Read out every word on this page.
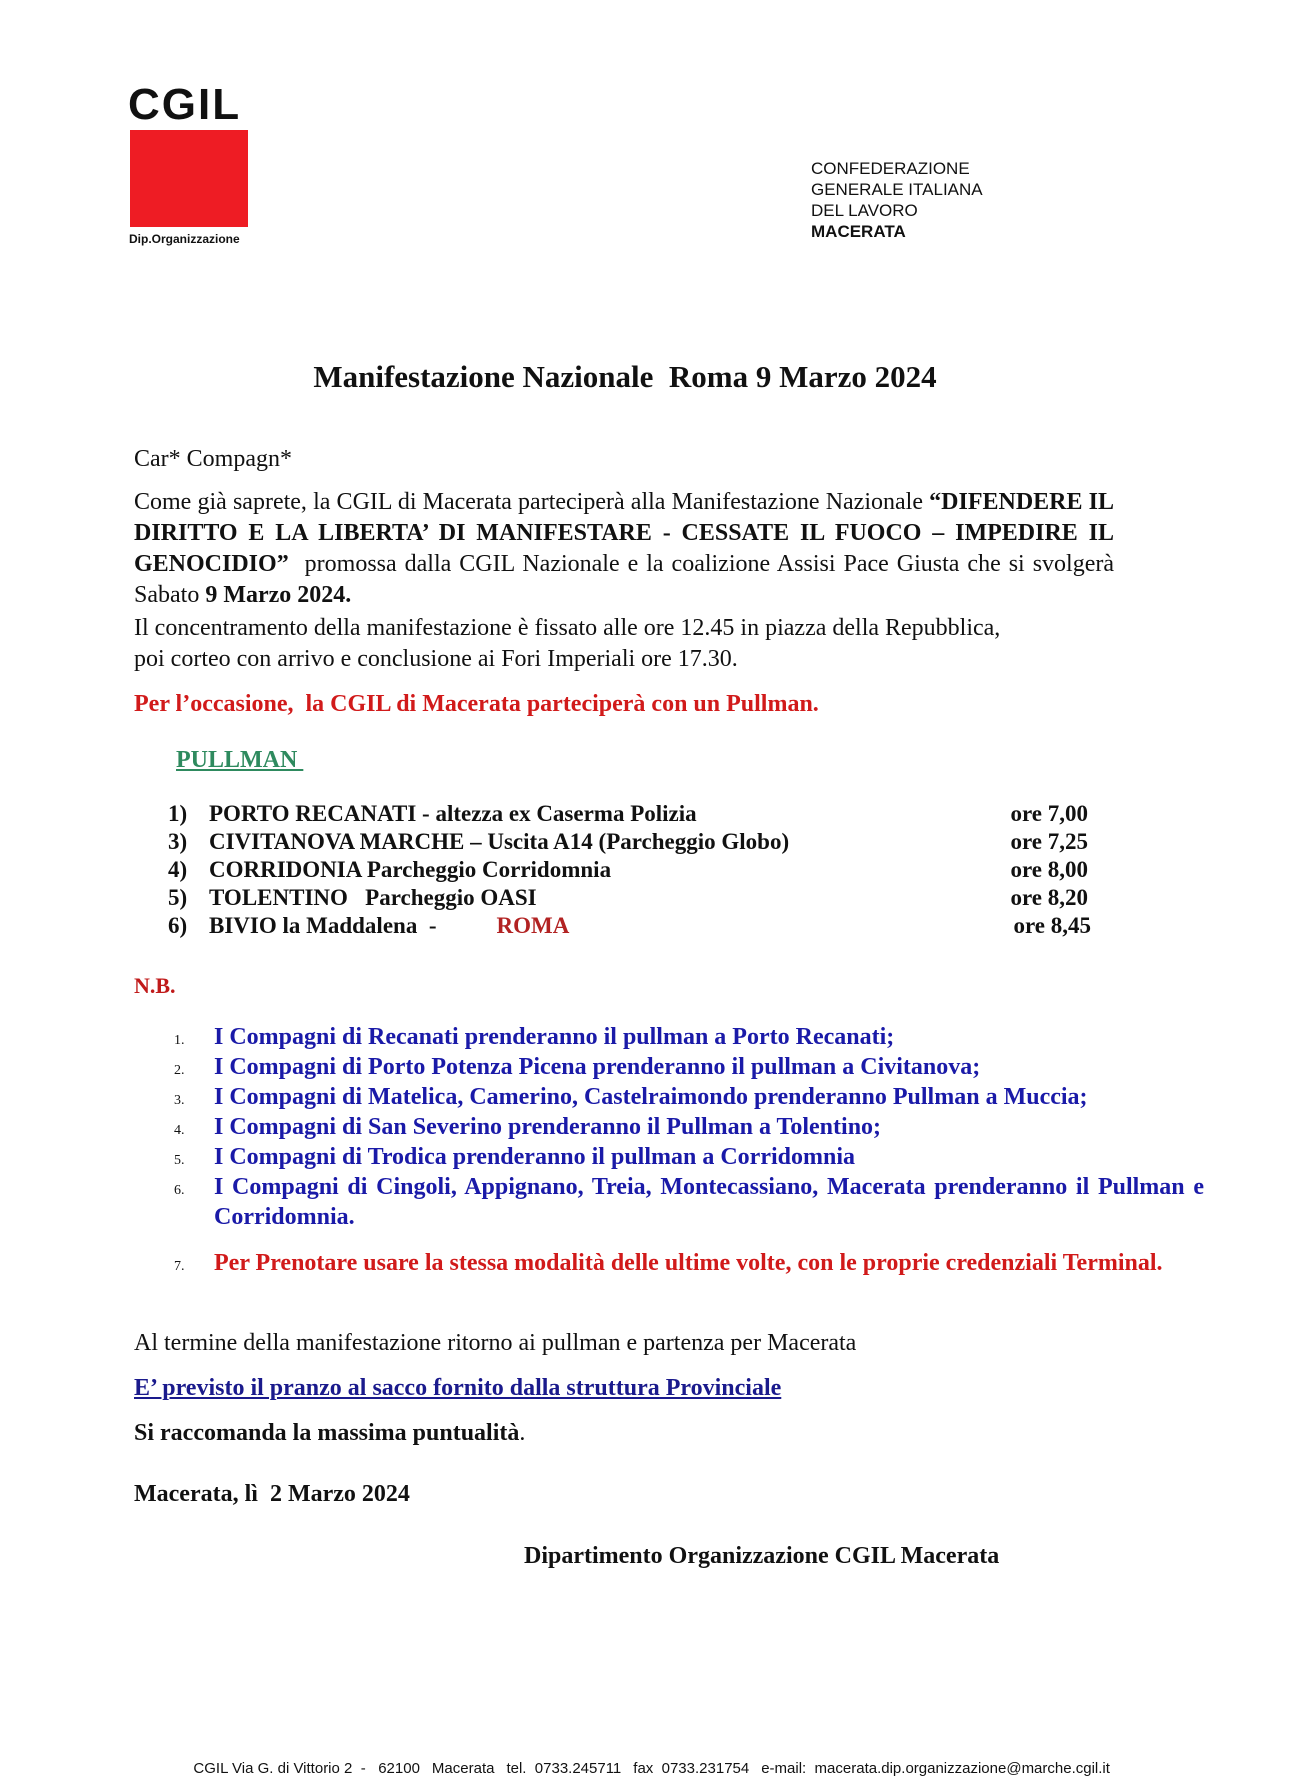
CGIL
Dip.Organizzazione
CONFEDERAZIONE
GENERALE ITALIANA
DEL LAVORO
MACERATA
Manifestazione Nazionale  Roma 9 Marzo 2024
Car* Compagn*
Come già saprete, la CGIL di Macerata parteciperà alla Manifestazione Nazionale “DIFENDERE IL DIRITTO E LA LIBERTA’ DI MANIFESTARE - CESSATE IL FUOCO – IMPEDIRE IL GENOCIDIO”  promossa dalla CGIL Nazionale e la coalizione Assisi Pace Giusta che si svolgerà Sabato 9 Marzo 2024.
Il concentramento della manifestazione è fissato alle ore 12.45 in piazza della Repubblica,
poi corteo con arrivo e conclusione ai Fori Imperiali ore 17.30.
Per l’occasione,  la CGIL di Macerata parteciperà con un Pullman.
PULLMAN
1) PORTO RECANATI - altezza ex Caserma Polizia	ore 7,00
3) CIVITANOVA MARCHE – Uscita A14 (Parcheggio Globo)	ore 7,25
4) CORRIDONIA Parcheggio Corridomnia	ore 8,00
5) TOLENTINO   Parcheggio OASI	ore 8,20
6) BIVIO la Maddalena  -	ROMA	ore 8,45
N.B.
1. I Compagni di Recanati prenderanno il pullman a Porto Recanati;
2. I Compagni di Porto Potenza Picena prenderanno il pullman a Civitanova;
3. I Compagni di Matelica, Camerino, Castelraimondo prenderanno Pullman a Muccia;
4. I Compagni di San Severino prenderanno il Pullman a Tolentino;
5. I Compagni di Trodica prenderanno il pullman a Corridomnia
6. I Compagni di Cingoli, Appignano, Treia, Montecassiano, Macerata prenderanno il Pullman e Corridomnia.
7. Per Prenotare usare la stessa modalità delle ultime volte, con le proprie credenziali Terminal.
Al termine della manifestazione ritorno ai pullman e partenza per Macerata
E’ previsto il pranzo al sacco fornito dalla struttura Provinciale
Si raccomanda la massima puntualità.
Macerata, lì  2 Marzo 2024
Dipartimento Organizzazione CGIL Macerata

CGIL Via G. di Vittorio 2  -   62100 Macerata tel.  0733.245711 fax  0733.231754 e-mail:  macerata.dip.organizzazione@marche.cgil.it
